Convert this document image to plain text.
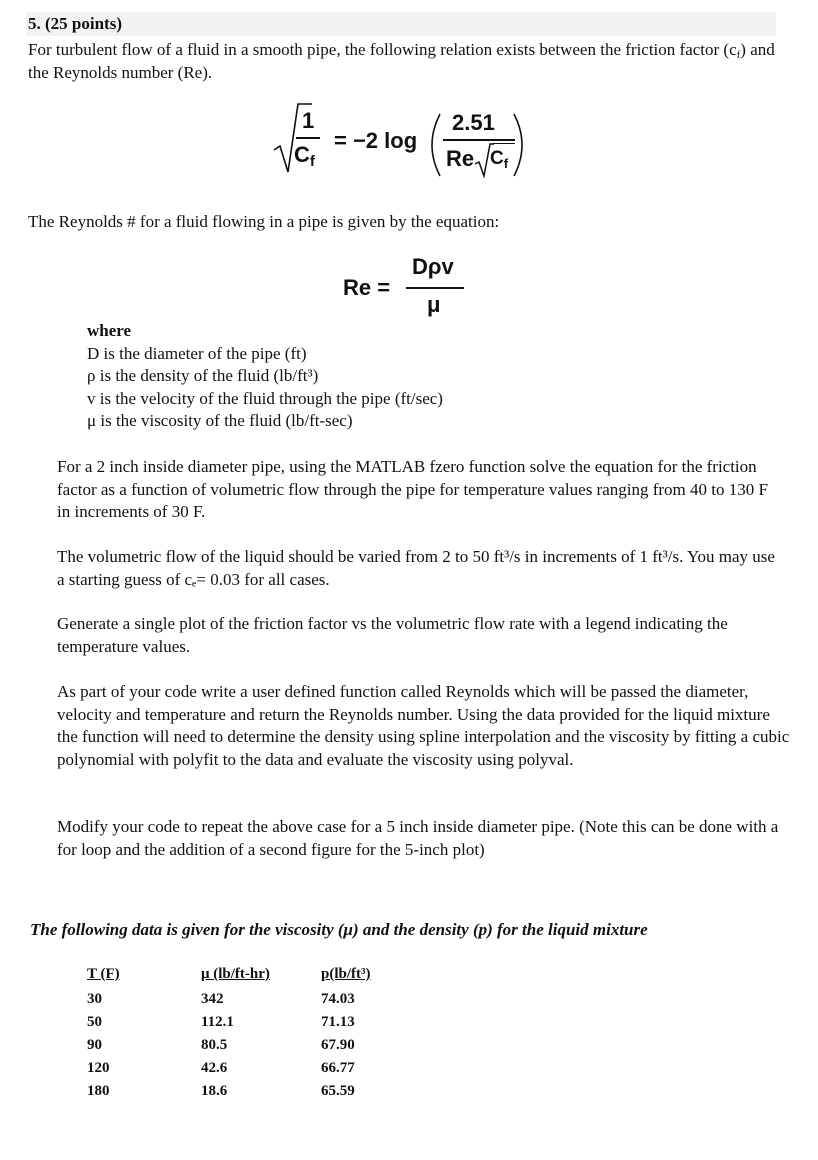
5. (25 points)

For turbulent flow of a fluid in a smooth pipe, the following relation exists between the friction factor $(c_f)$ and the Reynolds number (Re).

1
$C_f$
= −2 log
2.51
Re $C_f$

The Reynolds # for a fluid flowing in a pipe is given by the equation:

Re =
Dρv
μ
where
D is the diameter of the pipe (ft)
ρ is the density of the fluid (lb/ft³)
v is the velocity of the fluid through the pipe (ft/sec)
μ is the viscosity of the fluid (lb/ft-sec)

For a 2 inch inside diameter pipe, using the MATLAB fzero function solve the equation for the friction factor as a function of volumetric flow through the pipe for temperature values ranging from 40 to 130 F in increments of 30 F.

The volumetric flow of the liquid should be varied from 2 to 50 ft³/s in increments of 1 ft³/s. You may use a starting guess of cₑ= 0.03 for all cases.

Generate a single plot of the friction factor vs the volumetric flow rate with a legend indicating the temperature values.

As part of your code write a user defined function called Reynolds which will be passed the diameter, velocity and temperature and return the Reynolds number. Using the data provided for the liquid mixture the function will need to determine the density using spline interpolation and the viscosity by fitting a cubic polynomial with polyfit to the data and evaluate the viscosity using polyval.

Modify your code to repeat the above case for a 5 inch inside diameter pipe. (Note this can be done with a for loop and the addition of a second figure for the 5-inch plot)

The following data is given for the viscosity (μ) and the density (p) for the liquid mixture
T (F)	μ (lb/ft-hr)	p(lb/ft³)
30	342	74.03
50	112.1	71.13
90	80.5	67.90
120	42.6	66.77
180	18.6	65.59
